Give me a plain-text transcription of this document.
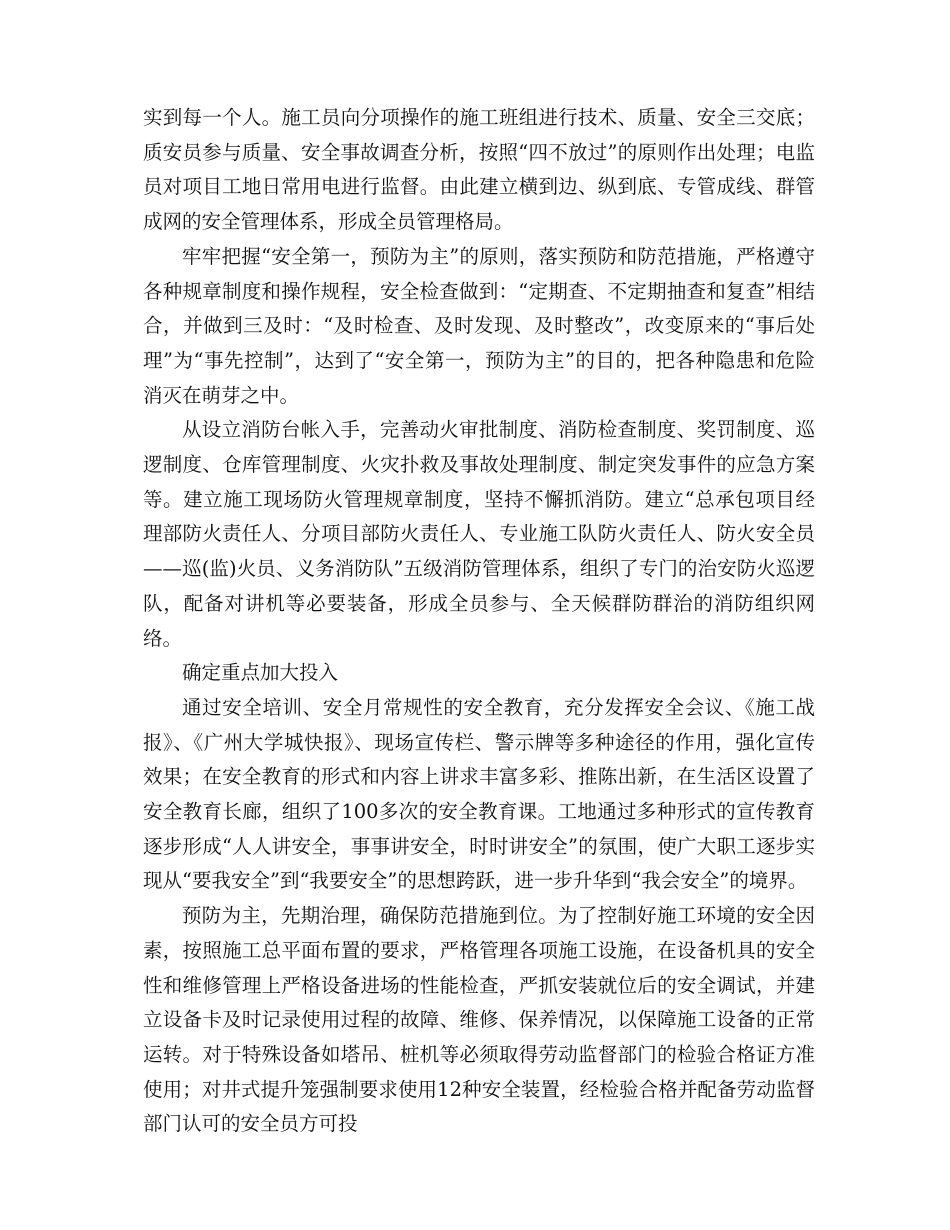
实到每一个人。施工员向分项操作的施工班组进行技术、质量、安全三交底；质安员参与质量、安全事故调查分析，按照“四不放过”的原则作出处理；电监员对项目工地日常用电进行监督。由此建立横到边、纵到底、专管成线、群管成网的安全管理体系，形成全员管理格局。

牢牢把握“安全第一，预防为主”的原则，落实预防和防范措施，严格遵守各种规章制度和操作规程，安全检查做到：“定期查、不定期抽查和复查”相结合，并做到三及时：“及时检查、及时发现、及时整改”，改变原来的“事后处理”为“事先控制”，达到了“安全第一，预防为主”的目的，把各种隐患和危险消灭在萌芽之中。

从设立消防台帐入手，完善动火审批制度、消防检查制度、奖罚制度、巡逻制度、仓库管理制度、火灾扑救及事故处理制度、制定突发事件的应急方案等。建立施工现场防火管理规章制度，坚持不懈抓消防。建立“总承包项目经理部防火责任人、分项目部防火责任人、专业施工队防火责任人、防火安全员——巡(监)火员、义务消防队”五级消防管理体系，组织了专门的治安防火巡逻队，配备对讲机等必要装备，形成全员参与、全天候群防群治的消防组织网络。

确定重点加大投入

通过安全培训、安全月常规性的安全教育，充分发挥安全会议、《施工战报》、《广州大学城快报》、现场宣传栏、警示牌等多种途径的作用，强化宣传效果；在安全教育的形式和内容上讲求丰富多彩、推陈出新，在生活区设置了安全教育长廊，组织了100多次的安全教育课。工地通过多种形式的宣传教育逐步形成“人人讲安全，事事讲安全，时时讲安全”的氛围，使广大职工逐步实现从“要我安全”到“我要安全”的思想跨跃，进一步升华到“我会安全”的境界。

预防为主，先期治理，确保防范措施到位。为了控制好施工环境的安全因素，按照施工总平面布置的要求，严格管理各项施工设施，在设备机具的安全性和维修管理上严格设备进场的性能检查，严抓安装就位后的安全调试，并建立设备卡及时记录使用过程的故障、维修、保养情况，以保障施工设备的正常运转。对于特殊设备如塔吊、桩机等必须取得劳动监督部门的检验合格证方准使用；对井式提升笼强制要求使用12种安全装置，经检验合格并配备劳动监督部门认可的安全员方可投
